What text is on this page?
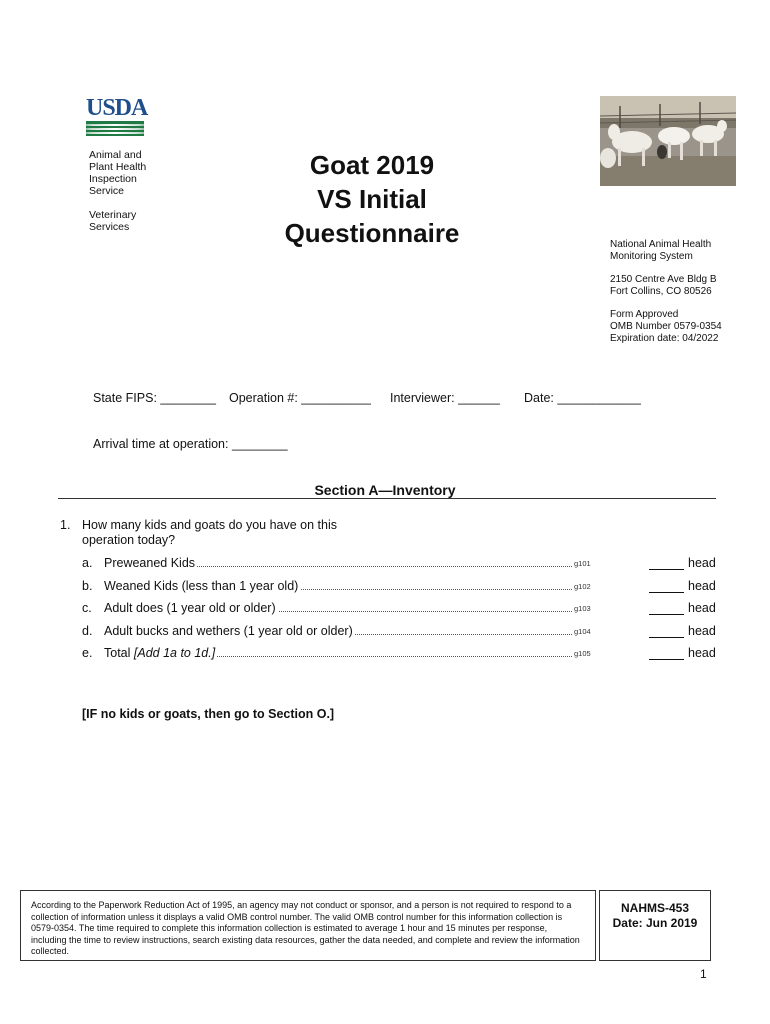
USDA
Animal and
Plant Health
Inspection
Service
Veterinary
Services
Goat 2019
VS Initial
Questionnaire	National Animal Health
Monitoring System
2150 Centre Ave Bldg B
Fort Collins, CO 80526
Form Approved
OMB Number 0579-0354
Expiration date: 04/2022
State FIPS: ________ Operation #: __________ Interviewer: ______ Date: ____________
Arrival time at operation: ________
Section A—Inventory
1. How many kids and goats do you have on this
operation today?
a. Preweaned Kids	g101	head
b. Weaned Kids (less than 1 year old)	g102	head
c. Adult does (1 year old or older)	g103	head
d. Adult bucks and wethers (1 year old or older)	g104	head
e. Total [Add 1a to 1d.]	g105	head
[IF no kids or goats, then go to Section O.]
According to the Paperwork Reduction Act of 1995, an agency may not conduct or sponsor, and a person is not required to respond to a collection of information unless it displays a valid OMB control number. The valid OMB control number for this information collection is 0579-0354. The time required to complete this information collection is estimated to average 1 hour and 15 minutes per response, including the time to review instructions, search existing data resources, gather the data needed, and complete and review the information collected.
NAHMS-453
Date: Jun 2019
1
